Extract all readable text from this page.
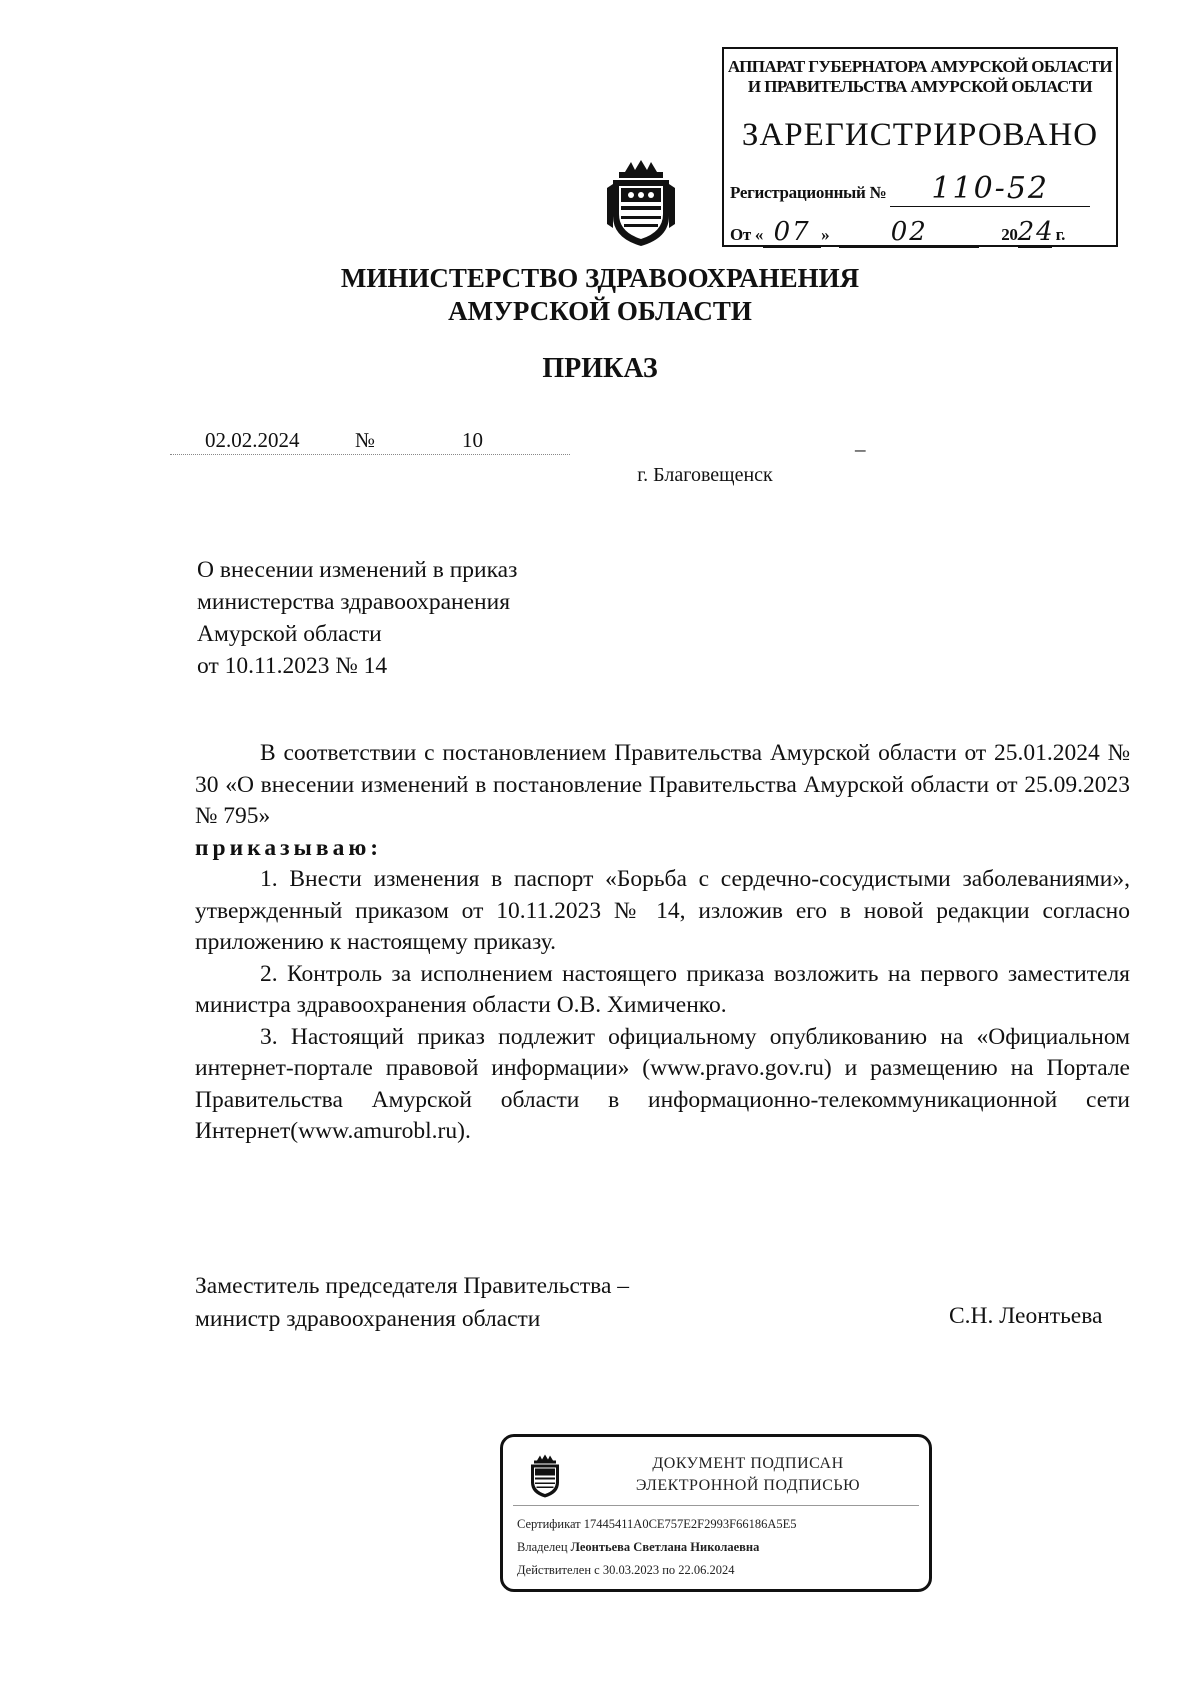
АППАРАТ ГУБЕРНАТОРА АМУРСКОЙ ОБЛАСТИ
И ПРАВИТЕЛЬСТВА АМУРСКОЙ ОБЛАСТИ
ЗАРЕГИСТРИРОВАНО
Регистрационный № 110-52
От « 07 » 02	2024 г.
МИНИСТЕРСТВО ЗДРАВООХРАНЕНИЯ
АМУРСКОЙ ОБЛАСТИ
ПРИКАЗ
02.02.2024	№	10	_
г. Благовещенск
О внесении изменений в приказ
министерства здравоохранения
Амурской области
от 10.11.2023 № 14

В соответствии с постановлением Правительства Амурской области от 25.01.2024 № 30 «О внесении изменений в постановление Правительства Амурской области от 25.09.2023 № 795»

приказываю:

1. Внести изменения в паспорт «Борьба с сердечно-сосудистыми заболеваниями», утвержденный приказом от 10.11.2023 № 14, изложив его в новой редакции согласно приложению к настоящему приказу.

2. Контроль за исполнением настоящего приказа возложить на первого заместителя министра здравоохранения области О.В. Химиченко.

3. Настоящий приказ подлежит официальному опубликованию на «Официальном интернет-портале правовой информации» (www.pravo.gov.ru) и размещению на Портале Правительства Амурской области в информационно-телекоммуникационной сети Интернет(www.amurobl.ru).

Заместитель председателя Правительства –
министр здравоохранения области	С.Н. Леонтьева
ДОКУМЕНТ ПОДПИСАН
ЭЛЕКТРОННОЙ ПОДПИСЬЮ
Сертификат 17445411A0CE757E2F2993F66186A5E5
Владелец Леонтьева Светлана Николаевна
Действителен с 30.03.2023 по 22.06.2024
